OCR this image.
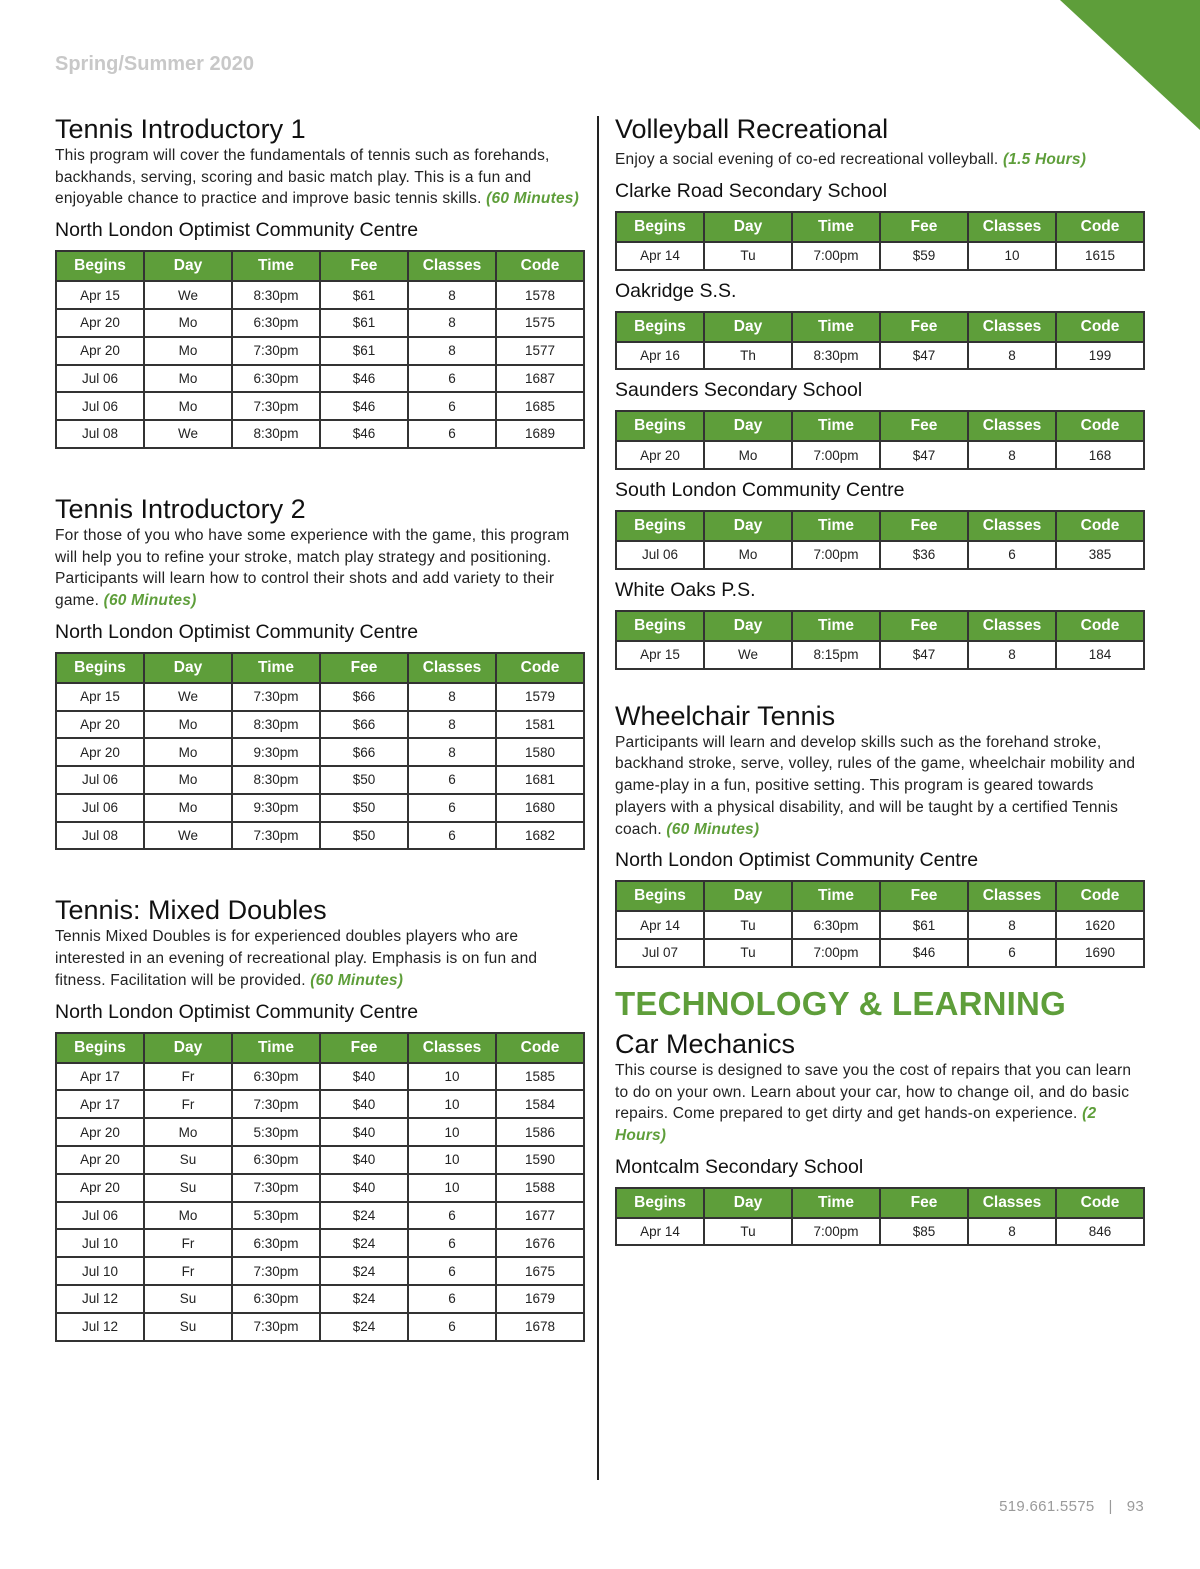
Spring/Summer 2020
Tennis Introductory 1

This program will cover the fundamentals of tennis such as forehands, backhands, serving, scoring and basic match play. This is a fun and enjoyable chance to practice and improve basic tennis skills. (60 Minutes)

North London Optimist Community Centre
Begins	Day	Time	Fee	Classes	Code
Apr 15	We	8:30pm	$61	8	1578
Apr 20	Mo	6:30pm	$61	8	1575
Apr 20	Mo	7:30pm	$61	8	1577
Jul 06	Mo	6:30pm	$46	6	1687
Jul 06	Mo	7:30pm	$46	6	1685
Jul 08	We	8:30pm	$46	6	1689
Tennis Introductory 2

For those of you who have some experience with the game, this program will help you to refine your stroke, match play strategy and positioning. Participants will learn how to control their shots and add variety to their game. (60 Minutes)

North London Optimist Community Centre
Begins	Day	Time	Fee	Classes	Code
Apr 15	We	7:30pm	$66	8	1579
Apr 20	Mo	8:30pm	$66	8	1581
Apr 20	Mo	9:30pm	$66	8	1580
Jul 06	Mo	8:30pm	$50	6	1681
Jul 06	Mo	9:30pm	$50	6	1680
Jul 08	We	7:30pm	$50	6	1682
Tennis: Mixed Doubles

Tennis Mixed Doubles is for experienced doubles players who are interested in an evening of recreational play. Emphasis is on fun and fitness. Facilitation will be provided. (60 Minutes)

North London Optimist Community Centre
Begins	Day	Time	Fee	Classes	Code
Apr 17	Fr	6:30pm	$40	10	1585
Apr 17	Fr	7:30pm	$40	10	1584
Apr 20	Mo	5:30pm	$40	10	1586
Apr 20	Su	6:30pm	$40	10	1590
Apr 20	Su	7:30pm	$40	10	1588
Jul 06	Mo	5:30pm	$24	6	1677
Jul 10	Fr	6:30pm	$24	6	1676
Jul 10	Fr	7:30pm	$24	6	1675
Jul 12	Su	6:30pm	$24	6	1679
Jul 12	Su	7:30pm	$24	6	1678
Volleyball Recreational

Enjoy a social evening of co-ed recreational volleyball. (1.5 Hours)

Clarke Road Secondary School
Begins	Day	Time	Fee	Classes	Code
Apr 14	Tu	7:00pm	$59	10	1615
Oakridge S.S.
Begins	Day	Time	Fee	Classes	Code
Apr 16	Th	8:30pm	$47	8	199
Saunders Secondary School
Begins	Day	Time	Fee	Classes	Code
Apr 20	Mo	7:00pm	$47	8	168
South London Community Centre
Begins	Day	Time	Fee	Classes	Code
Jul 06	Mo	7:00pm	$36	6	385
White Oaks P.S.
Begins	Day	Time	Fee	Classes	Code
Apr 15	We	8:15pm	$47	8	184
Wheelchair Tennis

Participants will learn and develop skills such as the forehand stroke, backhand stroke, serve, volley, rules of the game, wheelchair mobility and game-play in a fun, positive setting. This program is geared towards players with a physical disability, and will be taught by a certified Tennis coach. (60 Minutes)

North London Optimist Community Centre
Begins	Day	Time	Fee	Classes	Code
Apr 14	Tu	6:30pm	$61	8	1620
Jul 07	Tu	7:00pm	$46	6	1690
TECHNOLOGY & LEARNING
Car Mechanics

This course is designed to save you the cost of repairs that you can learn to do on your own. Learn about your car, how to change oil, and do basic repairs. Come prepared to get dirty and get hands-on experience. (2 Hours)

Montcalm Secondary School
Begins	Day	Time	Fee	Classes	Code
Apr 14	Tu	7:00pm	$85	8	846
519.661.5575 | 93
